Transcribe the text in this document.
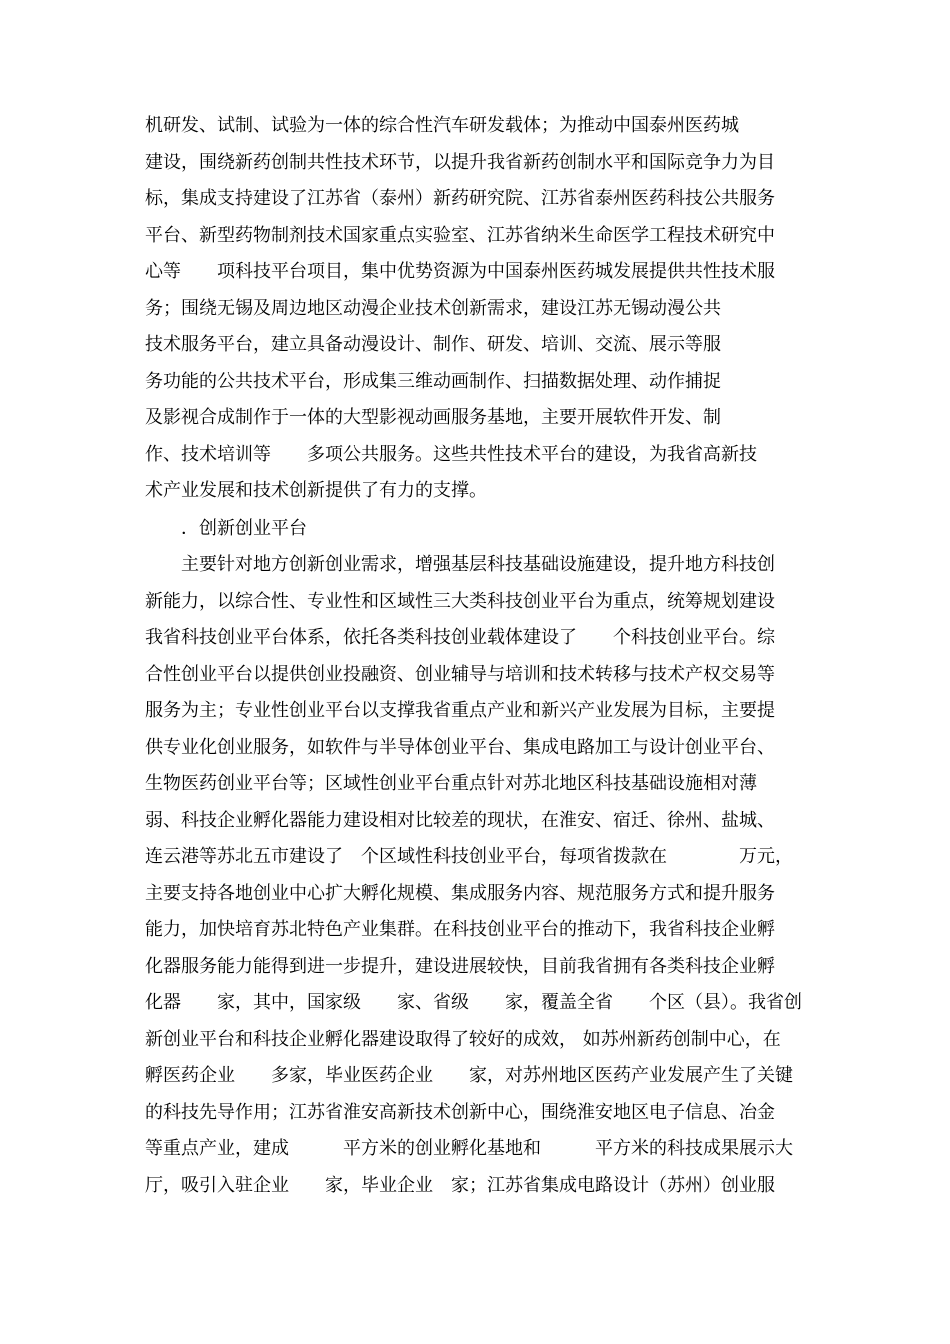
机研发、试制、试验为一体的综合性汽车研发载体；为推动中国泰州医药城
建设，围绕新药创制共性技术环节，以提升我省新药创制水平和国际竞争力为目
标，集成支持建设了江苏省（泰州）新药研究院、江苏省泰州医药科技公共服务
平台、新型药物制剂技术国家重点实验室、江苏省纳米生命医学工程技术研究中
心等　　项科技平台项目，集中优势资源为中国泰州医药城发展提供共性技术服
务；围绕无锡及周边地区动漫企业技术创新需求，建设江苏无锡动漫公共
技术服务平台，建立具备动漫设计、制作、研发、培训、交流、展示等服
务功能的公共技术平台，形成集三维动画制作、扫描数据处理、动作捕捉
及影视合成制作于一体的大型影视动画服务基地，主要开展软件开发、制
作、技术培训等　　多项公共服务。这些共性技术平台的建设，为我省高新技
术产业发展和技术创新提供了有力的支撑。
　　．创新创业平台
　　主要针对地方创新创业需求，增强基层科技基础设施建设，提升地方科技创
新能力，以综合性、专业性和区域性三大类科技创业平台为重点，统筹规划建设
我省科技创业平台体系，依托各类科技创业载体建设了　　个科技创业平台。综
合性创业平台以提供创业投融资、创业辅导与培训和技术转移与技术产权交易等
服务为主；专业性创业平台以支撑我省重点产业和新兴产业发展为目标，主要提
供专业化创业服务，如软件与半导体创业平台、集成电路加工与设计创业平台、
生物医药创业平台等；区域性创业平台重点针对苏北地区科技基础设施相对薄
弱、科技企业孵化器能力建设相对比较差的现状，在淮安、宿迁、徐州、盐城、
连云港等苏北五市建设了　个区域性科技创业平台，每项省拨款在　　　　万元，
主要支持各地创业中心扩大孵化规模、集成服务内容、规范服务方式和提升服务
能力，加快培育苏北特色产业集群。在科技创业平台的推动下，我省科技企业孵
化器服务能力能得到进一步提升，建设进展较快，目前我省拥有各类科技企业孵
化器　　家，其中，国家级　　家、省级　　家，覆盖全省　　个区（县）。我省创
新创业平台和科技企业孵化器建设取得了较好的成效， 如苏州新药创制中心，在
孵医药企业　　多家，毕业医药企业　　家，对苏州地区医药产业发展产生了关键
的科技先导作用；江苏省淮安高新技术创新中心，围绕淮安地区电子信息、冶金
等重点产业，建成　　　平方米的创业孵化基地和　　　平方米的科技成果展示大
厅，吸引入驻企业　　家，毕业企业　家；江苏省集成电路设计（苏州）创业服
